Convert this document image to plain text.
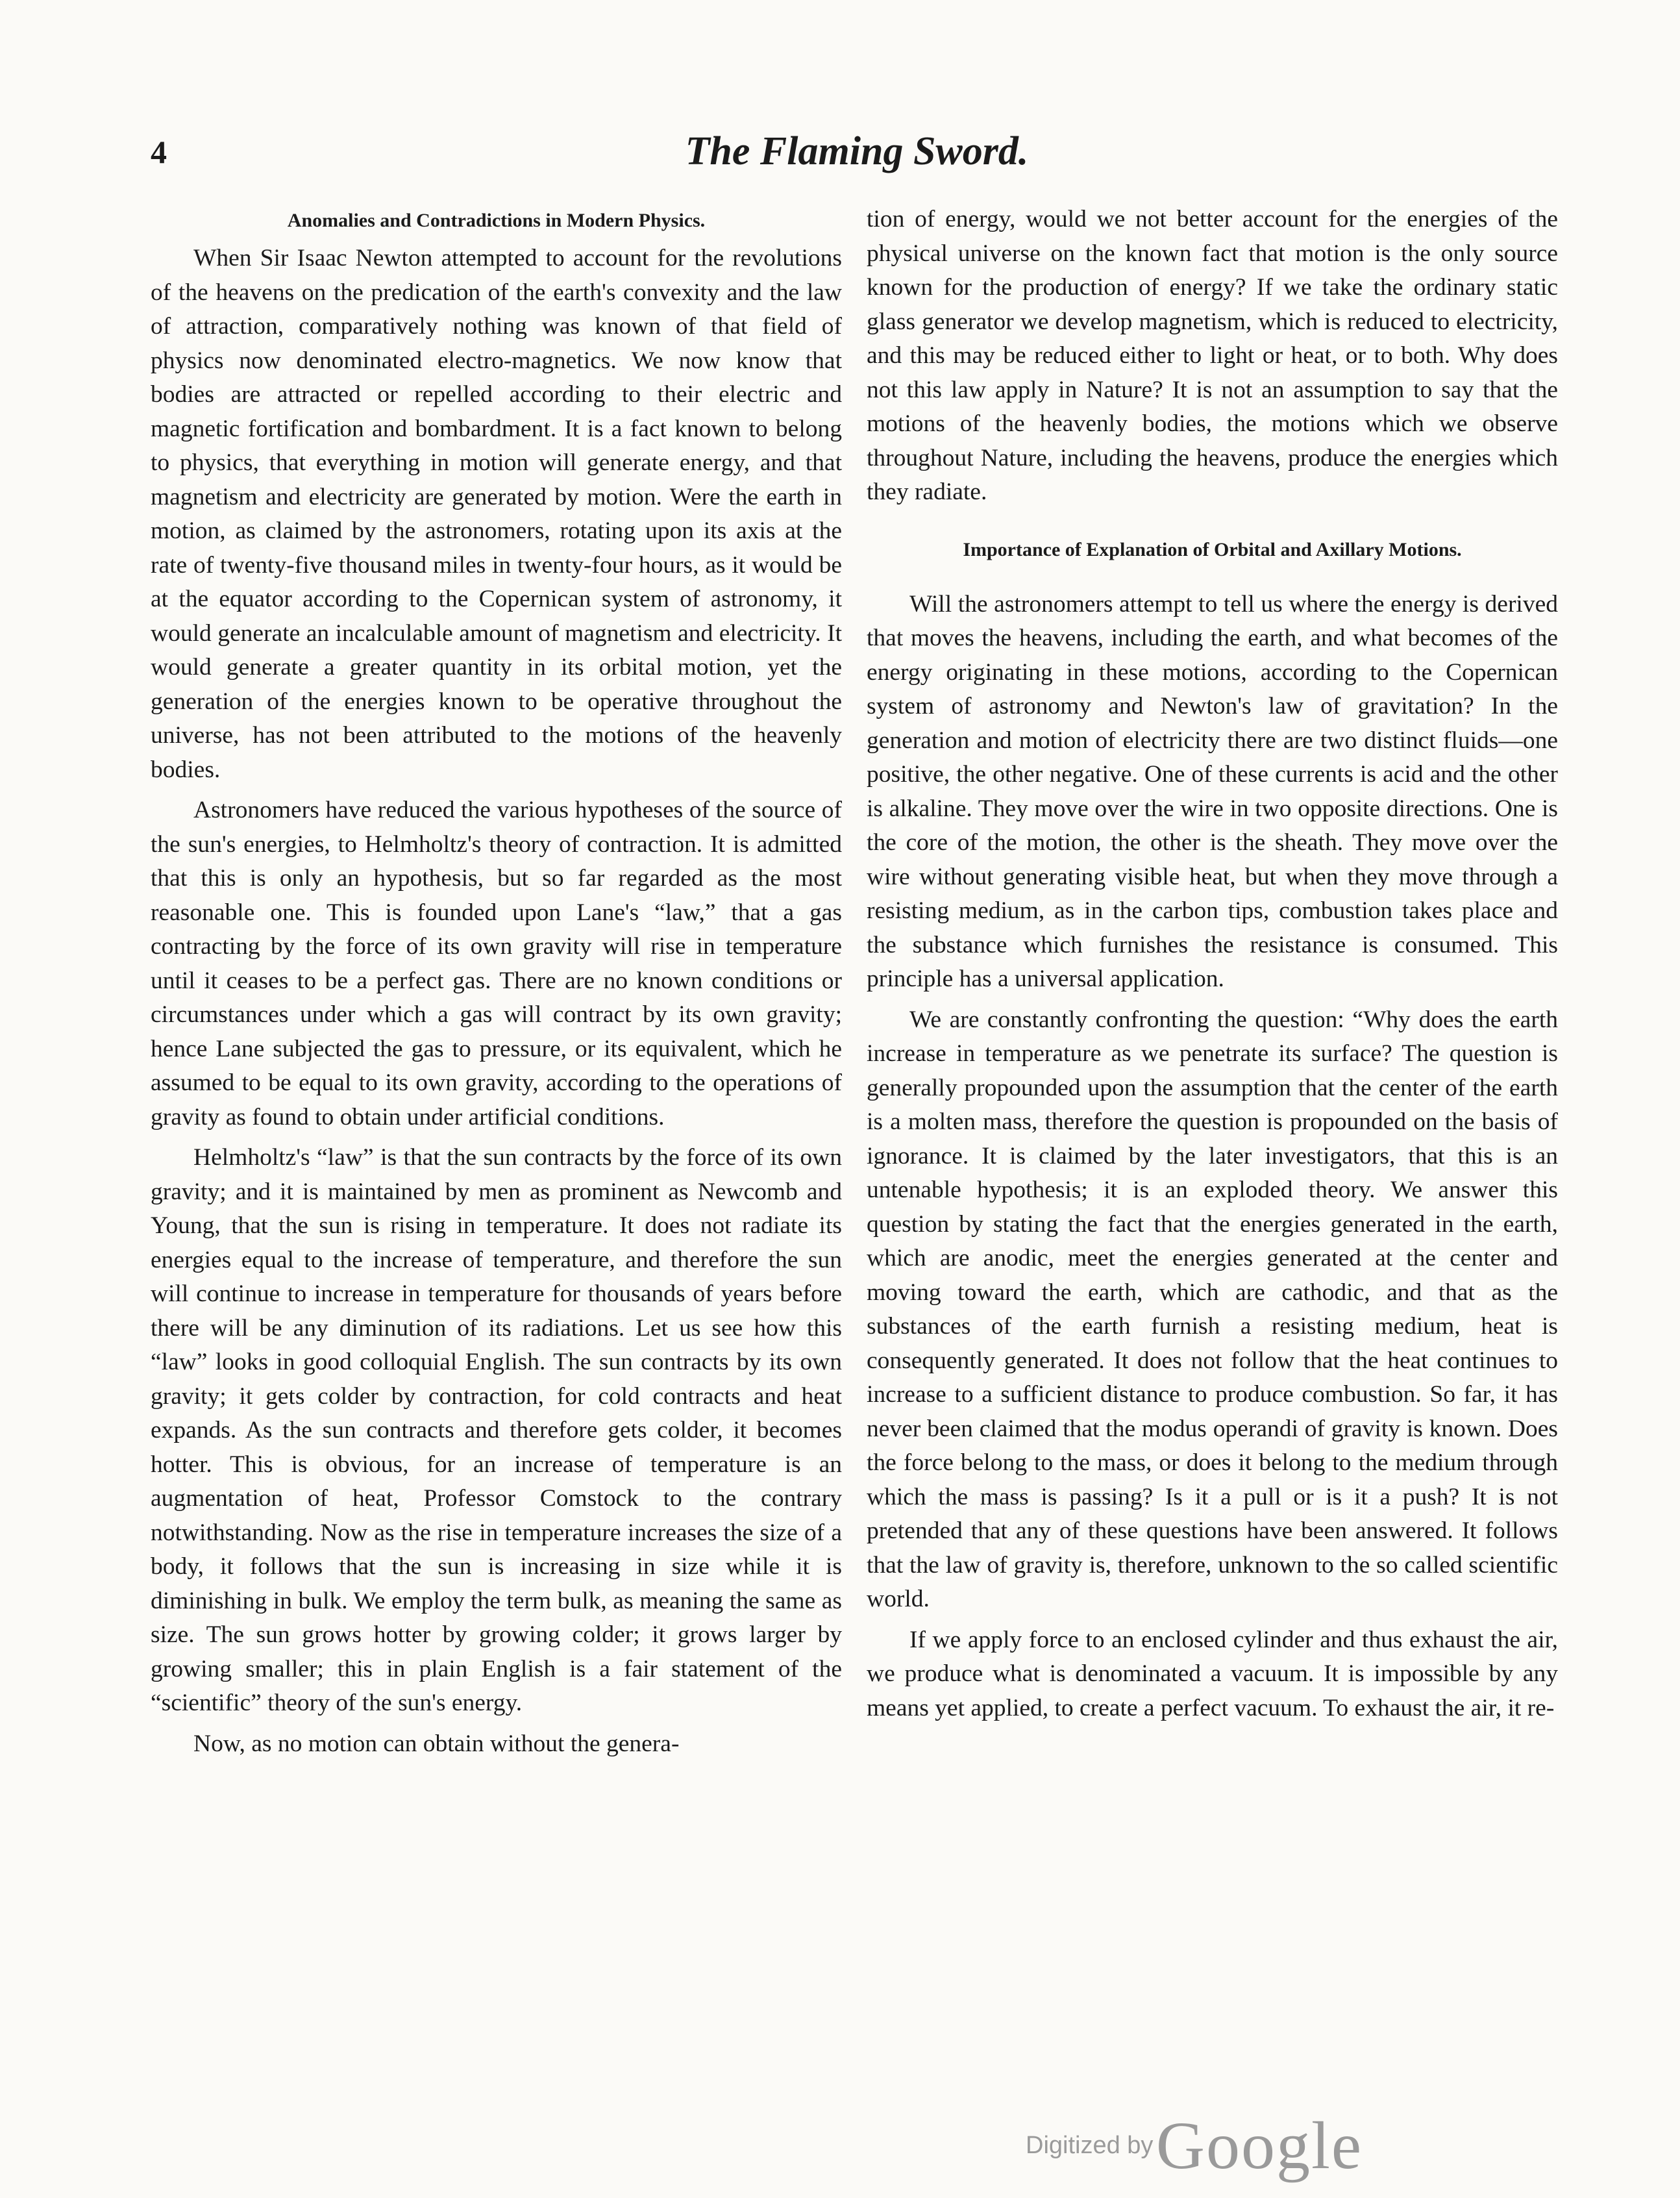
4	The Flaming Sword.
Anomalies and Contradictions in Modern Physics.

When Sir Isaac Newton attempted to account for the revolutions of the heavens on the predication of the earth's convexity and the law of attraction, comparatively nothing was known of that field of physics now denominated electro-magnetics. We now know that bodies are attracted or repelled according to their electric and magnetic fortification and bombardment. It is a fact known to belong to physics, that everything in motion will generate energy, and that magnetism and electricity are generated by motion. Were the earth in motion, as claimed by the astronomers, rotating upon its axis at the rate of twenty-five thousand miles in twenty-four hours, as it would be at the equator according to the Copernican system of astronomy, it would generate an incalculable amount of magnetism and electricity. It would generate a greater quantity in its orbital motion, yet the generation of the energies known to be operative throughout the universe, has not been attributed to the motions of the heavenly bodies.

Astronomers have reduced the various hypotheses of the source of the sun's energies, to Helmholtz's theory of contraction. It is admitted that this is only an hypothesis, but so far regarded as the most reasonable one. This is founded upon Lane's “law,” that a gas contracting by the force of its own gravity will rise in temperature until it ceases to be a perfect gas. There are no known conditions or circumstances under which a gas will contract by its own gravity; hence Lane subjected the gas to pressure, or its equivalent, which he assumed to be equal to its own gravity, according to the operations of gravity as found to obtain under artificial conditions.

Helmholtz's “law” is that the sun contracts by the force of its own gravity; and it is maintained by men as prominent as Newcomb and Young, that the sun is rising in temperature. It does not radiate its energies equal to the increase of temperature, and therefore the sun will continue to increase in temperature for thousands of years before there will be any diminution of its radiations. Let us see how this “law” looks in good colloquial English. The sun contracts by its own gravity; it gets colder by contraction, for cold contracts and heat expands. As the sun contracts and therefore gets colder, it becomes hotter. This is obvious, for an increase of temperature is an augmentation of heat, Professor Comstock to the contrary notwithstanding. Now as the rise in temperature increases the size of a body, it follows that the sun is increasing in size while it is diminishing in bulk. We employ the term bulk, as meaning the same as size. The sun grows hotter by growing colder; it grows larger by growing smaller; this in plain English is a fair statement of the “scientific” theory of the sun's energy.

Now, as no motion can obtain without the genera-

tion of energy, would we not better account for the energies of the physical universe on the known fact that motion is the only source known for the production of energy? If we take the ordinary static glass generator we develop magnetism, which is reduced to electricity, and this may be reduced either to light or heat, or to both. Why does not this law apply in Nature? It is not an assumption to say that the motions of the heavenly bodies, the motions which we observe throughout Nature, including the heavens, produce the energies which they radiate.

Importance of Explanation of Orbital and Axillary Motions.

Will the astronomers attempt to tell us where the energy is derived that moves the heavens, including the earth, and what becomes of the energy originating in these motions, according to the Copernican system of astronomy and Newton's law of gravitation? In the generation and motion of electricity there are two distinct fluids—one positive, the other negative. One of these currents is acid and the other is alkaline. They move over the wire in two opposite directions. One is the core of the motion, the other is the sheath. They move over the wire without generating visible heat, but when they move through a resisting medium, as in the carbon tips, combustion takes place and the substance which furnishes the resistance is consumed. This principle has a universal application.

We are constantly confronting the question: “Why does the earth increase in temperature as we penetrate its surface? The question is generally propounded upon the assumption that the center of the earth is a molten mass, therefore the question is propounded on the basis of ignorance. It is claimed by the later investigators, that this is an untenable hypothesis; it is an exploded theory. We answer this question by stating the fact that the energies generated in the earth, which are anodic, meet the energies generated at the center and moving toward the earth, which are cathodic, and that as the substances of the earth furnish a resisting medium, heat is consequently generated. It does not follow that the heat continues to increase to a sufficient distance to produce combustion. So far, it has never been claimed that the modus operandi of gravity is known. Does the force belong to the mass, or does it belong to the medium through which the mass is passing? Is it a pull or is it a push? It is not pretended that any of these questions have been answered. It follows that the law of gravity is, therefore, unknown to the so called scientific world.

If we apply force to an enclosed cylinder and thus exhaust the air, we produce what is denominated a vacuum. It is impossible by any means yet applied, to create a perfect vacuum. To exhaust the air, it re-

Digitized by Google
